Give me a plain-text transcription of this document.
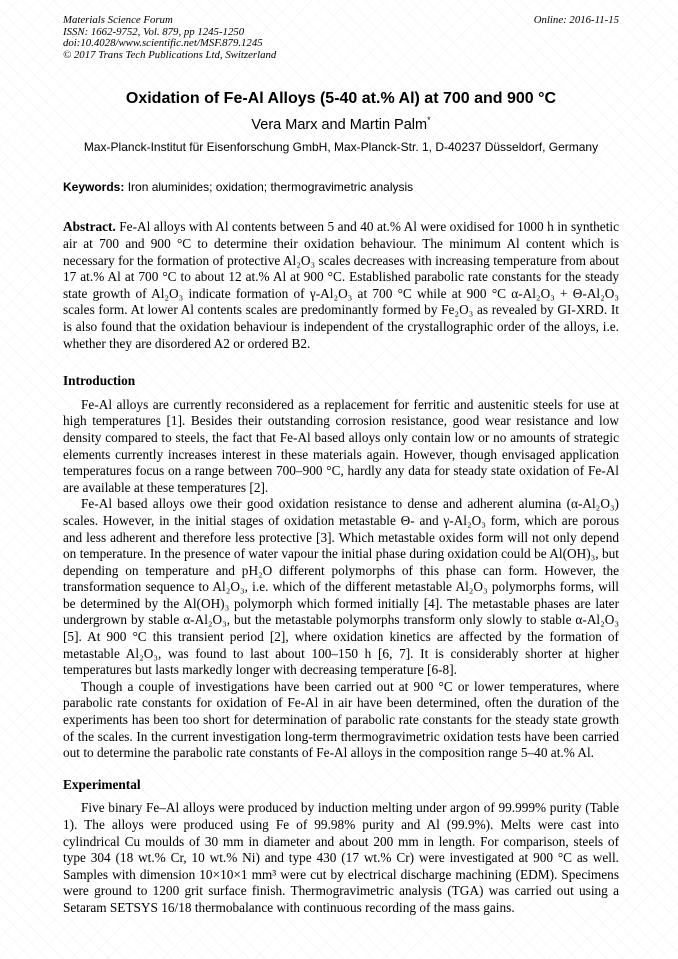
Materials Science Forum
ISSN: 1662-9752, Vol. 879, pp 1245-1250
doi:10.4028/www.scientific.net/MSF.879.1245
© 2017 Trans Tech Publications Ltd, Switzerland
Online: 2016-11-15
Oxidation of Fe-Al Alloys (5-40 at.% Al) at 700 and 900 °C
Vera Marx and Martin Palm*
Max-Planck-Institut für Eisenforschung GmbH, Max-Planck-Str. 1, D-40237 Düsseldorf, Germany
Keywords: Iron aluminides; oxidation; thermogravimetric analysis

Abstract. Fe-Al alloys with Al contents between 5 and 40 at.% Al were oxidised for 1000 h in synthetic air at 700 and 900 °C to determine their oxidation behaviour. The minimum Al content which is necessary for the formation of protective Al₂O₃ scales decreases with increasing temperature from about 17 at.% Al at 700 °C to about 12 at.% Al at 900 °C. Established parabolic rate constants for the steady state growth of Al₂O₃ indicate formation of γ-Al₂O₃ at 700 °C while at 900 °C α-Al₂O₃ + Θ-Al₂O₃ scales form. At lower Al contents scales are predominantly formed by Fe₂O₃ as revealed by GI-XRD. It is also found that the oxidation behaviour is independent of the crystallographic order of the alloys, i.e. whether they are disordered A2 or ordered B2.

Introduction

Fe-Al alloys are currently reconsidered as a replacement for ferritic and austenitic steels for use at high temperatures [1]. Besides their outstanding corrosion resistance, good wear resistance and low density compared to steels, the fact that Fe-Al based alloys only contain low or no amounts of strategic elements currently increases interest in these materials again. However, though envisaged application temperatures focus on a range between 700–900 °C, hardly any data for steady state oxidation of Fe-Al are available at these temperatures [2].

Fe-Al based alloys owe their good oxidation resistance to dense and adherent alumina (α-Al₂O₃) scales. However, in the initial stages of oxidation metastable Θ- and γ-Al₂O₃ form, which are porous and less adherent and therefore less protective [3]. Which metastable oxides form will not only depend on temperature. In the presence of water vapour the initial phase during oxidation could be Al(OH)₃, but depending on temperature and pH₂O different polymorphs of this phase can form. However, the transformation sequence to Al₂O₃, i.e. which of the different metastable Al₂O₃ polymorphs forms, will be determined by the Al(OH)₃ polymorph which formed initially [4]. The metastable phases are later undergrown by stable α-Al₂O₃, but the metastable polymorphs transform only slowly to stable α-Al₂O₃ [5]. At 900 °C this transient period [2], where oxidation kinetics are affected by the formation of metastable Al₂O₃, was found to last about 100–150 h [6, 7]. It is considerably shorter at higher temperatures but lasts markedly longer with decreasing temperature [6-8].

Though a couple of investigations have been carried out at 900 °C or lower temperatures, where parabolic rate constants for oxidation of Fe-Al in air have been determined, often the duration of the experiments has been too short for determination of parabolic rate constants for the steady state growth of the scales. In the current investigation long-term thermogravimetric oxidation tests have been carried out to determine the parabolic rate constants of Fe-Al alloys in the composition range 5–40 at.% Al.

Experimental

Five binary Fe–Al alloys were produced by induction melting under argon of 99.999% purity (Table 1). The alloys were produced using Fe of 99.98% purity and Al (99.9%). Melts were cast into cylindrical Cu moulds of 30 mm in diameter and about 200 mm in length. For comparison, steels of type 304 (18 wt.% Cr, 10 wt.% Ni) and type 430 (17 wt.% Cr) were investigated at 900 °C as well. Samples with dimension 10×10×1 mm³ were cut by electrical discharge machining (EDM). Specimens were ground to 1200 grit surface finish. Thermogravimetric analysis (TGA) was carried out using a Setaram SETSYS 16/18 thermobalance with continuous recording of the mass gains.
